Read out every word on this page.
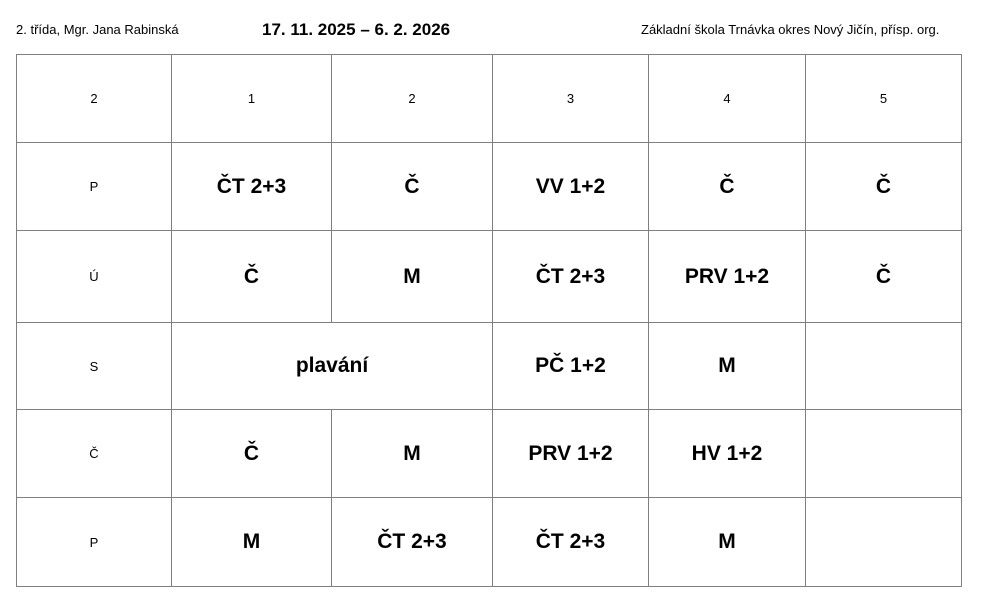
2. třída, Mgr. Jana Rabinská	17. 11. 2025 – 6. 2. 2026	Základní škola Trnávka okres Nový Jičín, přísp. org.
2	1	2	3	4	5
P	ČT 2+3	Č	VV 1+2	Č	Č
Ú	Č	M	ČT 2+3	PRV 1+2	Č
S	plavání		PČ 1+2	M	
Č	Č	M	PRV 1+2	HV 1+2	
P	M	ČT 2+3	ČT 2+3	M	
